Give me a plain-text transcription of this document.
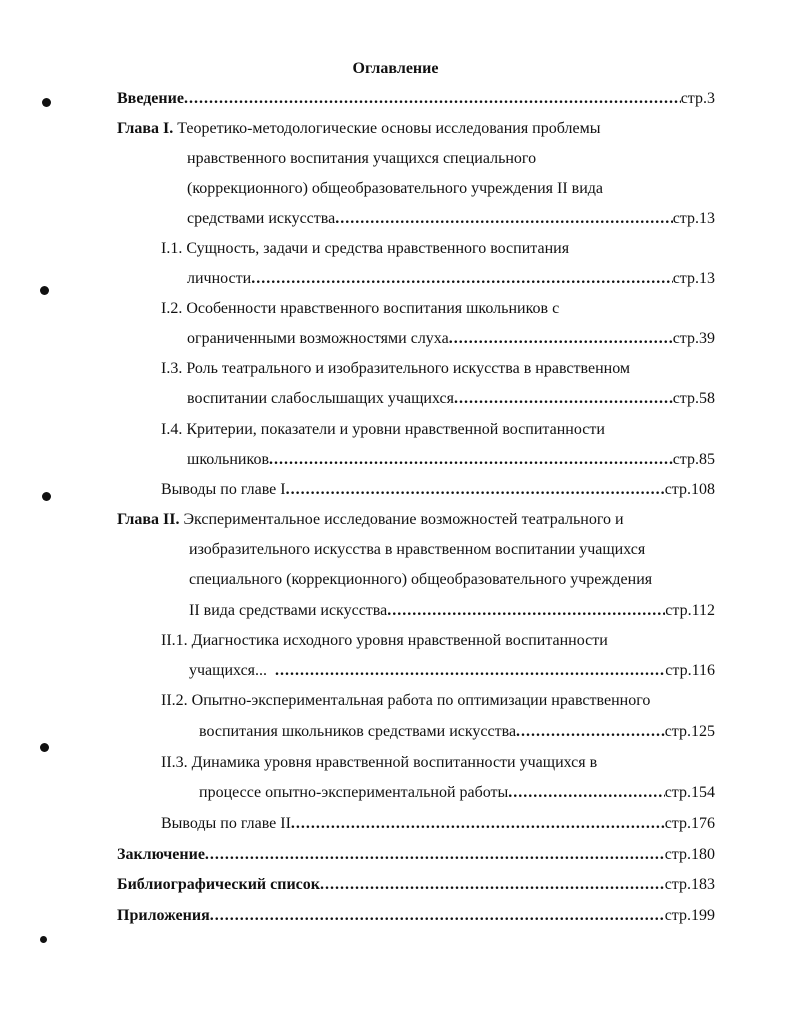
Оглавление
Введение .....	стр.3
Глава I. Теоретико-методологические основы исследования проблемы
нравственного воспитания учащихся специального
(коррекционного) общеобразовательного учреждения II вида
средствами искусства .....	стр.13
I.1. Сущность, задачи и средства нравственного воспитания
личности .....	стр.13
I.2. Особенности нравственного воспитания школьников с
ограниченными возможностями слуха .....	стр.39
I.3. Роль театрального и изобразительного искусства в нравственном
воспитании слабослышащих учащихся .....	стр.58
I.4. Критерии, показатели и уровни нравственной воспитанности
школьников .....	стр.85
Выводы по главе I .....	стр.108
Глава II. Экспериментальное исследование возможностей театрального и
изобразительного искусства в нравственном воспитании учащихся
специального (коррекционного) общеобразовательного учреждения
II вида средствами искусства .....	стр.112
II.1. Диагностика исходного уровня нравственной воспитанности
учащихся... .....	стр.116
II.2. Опытно-экспериментальная работа по оптимизации нравственного
воспитания школьников средствами искусства .....	стр.125
II.3. Динамика уровня нравственной воспитанности учащихся в
процессе опытно-экспериментальной работы .....	стр.154
Выводы по главе II .....	стр.176
Заключение .....	стр.180
Библиографический список .....	стр.183
Приложения .....	стр.199
